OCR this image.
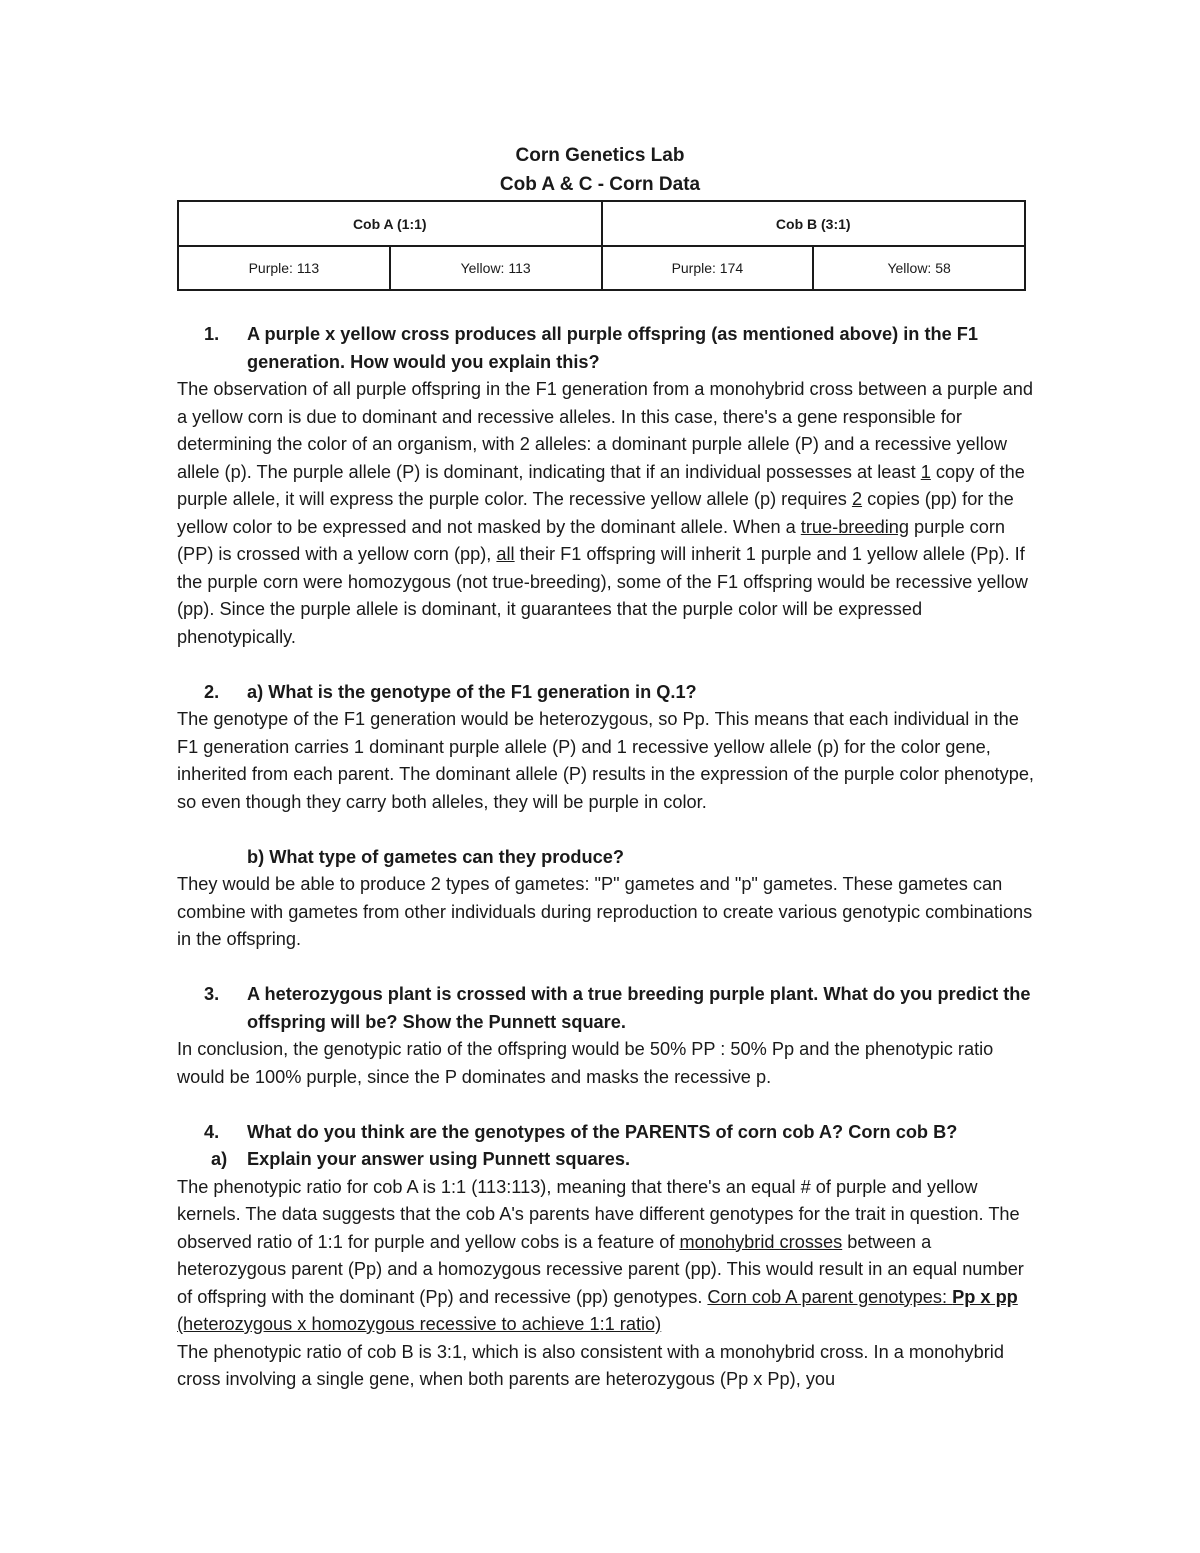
Corn Genetics Lab
Cob A & C - Corn Data
Cob A (1:1)		Cob B (3:1)	
Purple: 113	Yellow: 113	Purple: 174	Yellow: 58
1.	A purple x yellow cross produces all purple offspring (as mentioned above) in the F1 generation. How would you explain this?

The observation of all purple offspring in the F1 generation from a monohybrid cross between a purple and a yellow corn is due to dominant and recessive alleles. In this case, there's a gene responsible for determining the color of an organism, with 2 alleles: a dominant purple allele (P) and a recessive yellow allele (p). The purple allele (P) is dominant, indicating that if an individual possesses at least 1 copy of the purple allele, it will express the purple color. The recessive yellow allele (p) requires 2 copies (pp) for the yellow color to be expressed and not masked by the dominant allele. When a true-breeding purple corn (PP) is crossed with a yellow corn (pp), all their F1 offspring will inherit 1 purple and 1 yellow allele (Pp). If the purple corn were homozygous (not true-breeding), some of the F1 offspring would be recessive yellow (pp). Since the purple allele is dominant, it guarantees that the purple color will be expressed phenotypically.

2.	a) What is the genotype of the F1 generation in Q.1?

The genotype of the F1 generation would be heterozygous, so Pp. This means that each individual in the F1 generation carries 1 dominant purple allele (P) and 1 recessive yellow allele (p) for the color gene, inherited from each parent. The dominant allele (P) results in the expression of the purple color phenotype, so even though they carry both alleles, they will be purple in color.

b) What type of gametes can they produce?

They would be able to produce 2 types of gametes: "P" gametes and "p" gametes. These gametes can combine with gametes from other individuals during reproduction to create various genotypic combinations in the offspring.

3.	A heterozygous plant is crossed with a true breeding purple plant. What do you predict the offspring will be? Show the Punnett square.

In conclusion, the genotypic ratio of the offspring would be 50% PP : 50% Pp and the phenotypic ratio would be 100% purple, since the P dominates and masks the recessive p.

4.	What do you think are the genotypes of the PARENTS of corn cob A? Corn cob B?
a)	Explain your answer using Punnett squares.

The phenotypic ratio for cob A is 1:1 (113:113), meaning that there's an equal # of purple and yellow kernels. The data suggests that the cob A's parents have different genotypes for the trait in question. The observed ratio of 1:1 for purple and yellow cobs is a feature of monohybrid crosses between a heterozygous parent (Pp) and a homozygous recessive parent (pp). This would result in an equal number of offspring with the dominant (Pp) and recessive (pp) genotypes. Corn cob A parent genotypes: Pp x pp (heterozygous x homozygous recessive to achieve 1:1 ratio)

The phenotypic ratio of cob B is 3:1, which is also consistent with a monohybrid cross. In a monohybrid cross involving a single gene, when both parents are heterozygous (Pp x Pp), you
